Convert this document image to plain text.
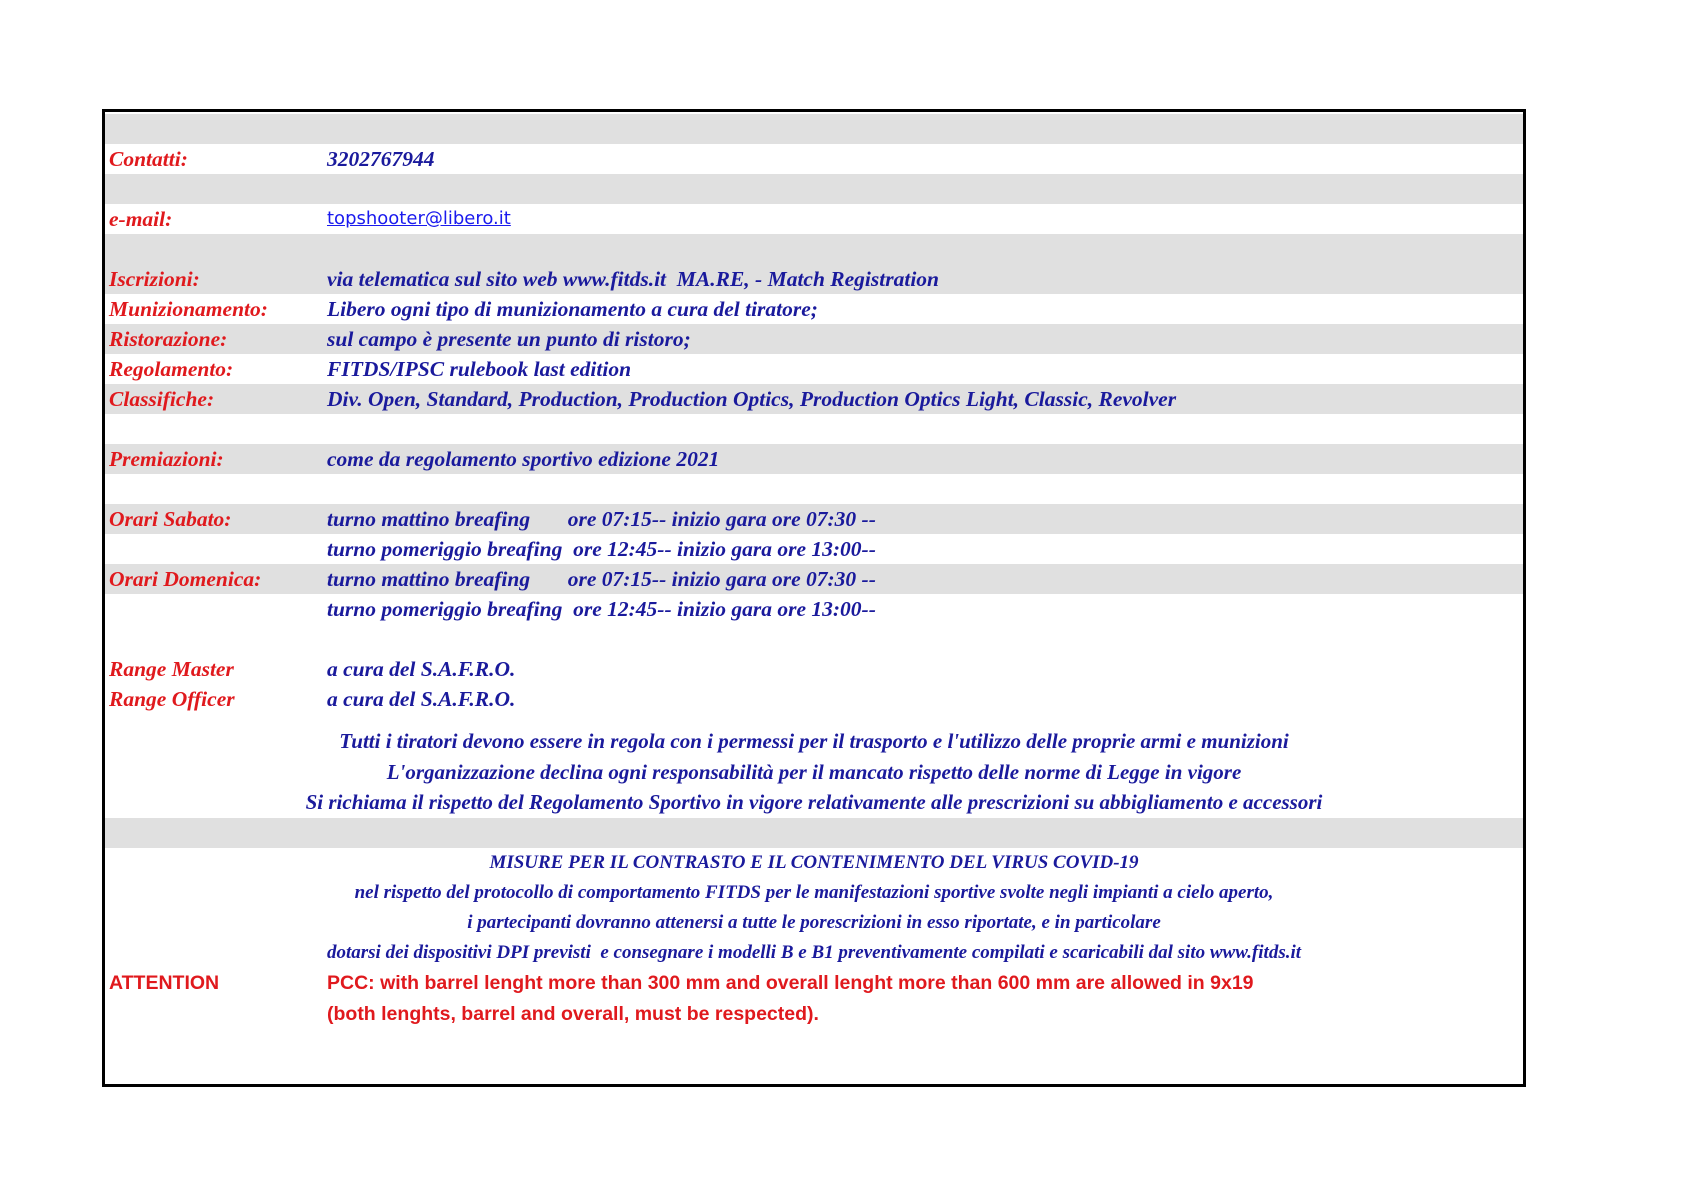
Contatti:	3202767944
e-mail:	topshooter@libero.it
Iscrizioni:	via telematica sul sito web www.fitds.it  MA.RE, - Match Registration
Munizionamento:	Libero ogni tipo di munizionamento a cura del tiratore;
Ristorazione:	sul campo è presente un punto di ristoro;
Regolamento:	FITDS/IPSC rulebook last edition
Classifiche:	Div. Open, Standard, Production, Production Optics, Production Optics Light, Classic, Revolver
Premiazioni:	come da regolamento sportivo edizione 2021
Orari Sabato:	turno mattino breafing       ore 07:15-- inizio gara ore 07:30 --
turno pomeriggio breafing  ore 12:45-- inizio gara ore 13:00--
Orari Domenica:	turno mattino breafing       ore 07:15-- inizio gara ore 07:30 --
turno pomeriggio breafing  ore 12:45-- inizio gara ore 13:00--
Range Master	a cura del S.A.F.R.O.
Range Officer	a cura del S.A.F.R.O.
Tutti i tiratori devono essere in regola con i permessi per il trasporto e l'utilizzo delle proprie armi e munizioni
L'organizzazione declina ogni responsabilità per il mancato rispetto delle norme di Legge in vigore
Si richiama il rispetto del Regolamento Sportivo in vigore relativamente alle prescrizioni su abbigliamento e accessori
MISURE PER IL CONTRASTO E IL CONTENIMENTO DEL VIRUS COVID-19
nel rispetto del protocollo di comportamento FITDS per le manifestazioni sportive svolte negli impianti a cielo aperto,
i partecipanti dovranno attenersi a tutte le porescrizioni in esso riportate, e in particolare
dotarsi dei dispositivi DPI previsti  e consegnare i modelli B e B1 preventivamente compilati e scaricabili dal sito www.fitds.it
ATTENTION	PCC: with barrel lenght more than 300 mm and overall lenght more than 600 mm are allowed in 9x19
(both lenghts, barrel and overall, must be respected).
